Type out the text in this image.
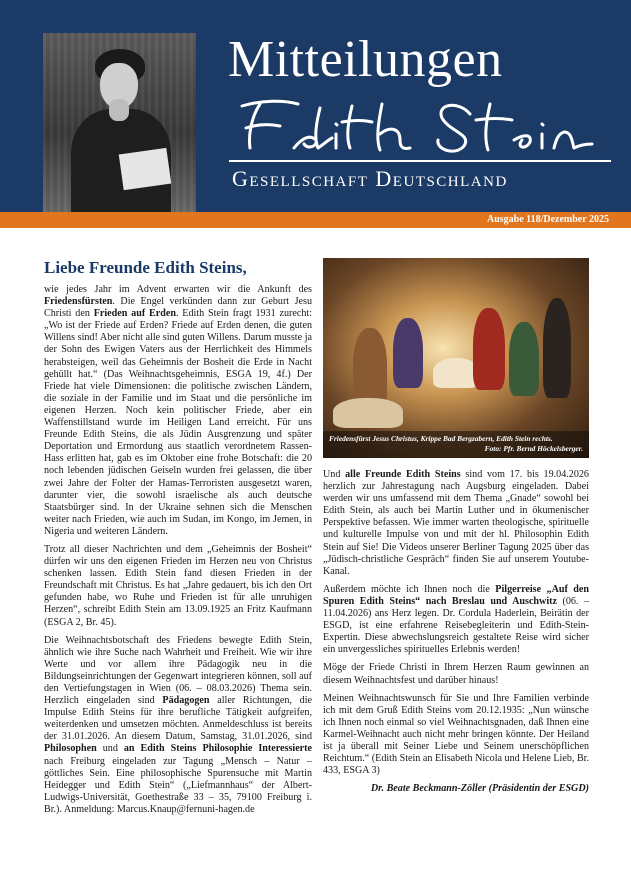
Mitteilungen
Gesellschaft Deutschland
Ausgabe 118/Dezember 2025
Liebe Freunde Edith Steins,

wie jedes Jahr im Advent erwarten wir die Ankunft des Friedensfürsten. Die Engel verkünden dann zur Geburt Jesu Christi den Frieden auf Erden. Edith Stein fragt 1931 zurecht: „Wo ist der Friede auf Erden? Friede auf Erden denen, die guten Willens sind! Aber nicht alle sind guten Willens. Darum musste ja der Sohn des Ewigen Vaters aus der Herrlichkeit des Himmels herabsteigen, weil das Geheimnis der Bosheit die Erde in Nacht gehüllt hat.“ (Das Weihnachtsgeheimnis, ESGA 19, 4f.) Der Friede hat viele Dimensionen: die politische zwischen Ländern, die soziale in der Familie und im Staat und die persönliche im eigenen Herzen. Noch kein politischer Friede, aber ein Waffenstillstand wurde im Heiligen Land erreicht. Für uns Freunde Edith Steins, die als Jüdin Ausgrenzung und später Deportation und Ermordung aus staatlich verordnetem Rassen-Hass erlitten hat, gab es im Oktober eine frohe Botschaft: die 20 noch lebenden jüdischen Geiseln wurden frei gelassen, die über zwei Jahre der Folter der Hamas-Terroristen ausgesetzt waren, darunter vier, die sowohl israelische als auch deutsche Staatsbürger sind. In der Ukraine sehnen sich die Menschen weiter nach Frieden, wie auch im Sudan, im Kongo, im Jemen, in Nigeria und weiteren Ländern.

Trotz all dieser Nachrichten und dem „Geheimnis der Bosheit“ dürfen wir uns den eigenen Frieden im Herzen neu von Christus schenken lassen. Edith Stein fand diesen Frieden in der Freundschaft mit Christus. Es hat „Jahre gedauert, bis ich den Ort gefunden habe, wo Ruhe und Frieden ist für alle unruhigen Herzen“, schreibt Edith Stein am 13.09.1925 an Fritz Kaufmann (ESGA 2, Br. 45).

Die Weihnachtsbotschaft des Friedens bewegte Edith Stein, ähnlich wie ihre Suche nach Wahrheit und Freiheit. Wie wir ihre Werte und vor allem ihre Pädagogik neu in die Bildungseinrichtungen der Gegenwart integrieren können, soll auf den Vertiefungstagen in Wien (06. – 08.03.2026) Thema sein. Herzlich eingeladen sind Pädagogen aller Richtungen, die Impulse Edith Steins für ihre berufliche Tätigkeit aufgreifen, weiterdenken und umsetzen möchten. Anmeldeschluss ist bereits der 31.01.2026. An diesem Datum, Samstag, 31.01.2026, sind Philosophen und an Edith Steins Philosophie Interessierte nach Freiburg eingeladen zur Tagung „Mensch – Natur – göttliches Sein. Eine philosophische Spurensuche mit Martin Heidegger und Edith Stein“ („Liefmannhaus“ der Albert-Ludwigs-Universität, Goethestraße 33 – 35, 79100 Freiburg i. Br.). Anmeldung: Marcus.Knaup@fernuni-hagen.de

Friedensfürst Jesus Christus, Krippe Bad Bergzabern, Edith Stein rechts.
Foto: Pfr. Bernd Höckelsberger.

Und alle Freunde Edith Steins sind vom 17. bis 19.04.2026 herzlich zur Jahrestagung nach Augsburg eingeladen. Dabei werden wir uns umfassend mit dem Thema „Gnade“ sowohl bei Edith Stein, als auch bei Martin Luther und in ökumenischer Perspektive befassen. Wie immer warten theologische, spirituelle und kulturelle Impulse von und mit der hl. Philosophin Edith Stein auf Sie! Die Videos unserer Berliner Tagung 2025 über das „Jüdisch-christliche Gespräch“ finden Sie auf unserem Youtube-Kanal.

Außerdem möchte ich Ihnen noch die Pilgerreise „Auf den Spuren Edith Steins“ nach Breslau und Auschwitz (06. – 11.04.2026) ans Herz legen. Dr. Cordula Haderlein, Beirätin der ESGD, ist eine erfahrene Reisebegleiterin und Edith-Stein-Expertin. Diese abwechslungsreich gestaltete Reise wird sicher ein unvergessliches spirituelles Erlebnis werden!

Möge der Friede Christi in Ihrem Herzen Raum gewinnen an diesem Weihnachtsfest und darüber hinaus!

Meinen Weihnachtswunsch für Sie und Ihre Familien verbinde ich mit dem Gruß Edith Steins vom 20.12.1935: „Nun wünsche ich Ihnen noch einmal so viel Weihnachtsgnaden, daß Ihnen eine Karmel-Weihnacht auch nicht mehr bringen könnte. Der Heiland ist ja überall mit Seiner Liebe und Seinem unerschöpflichen Reichtum.“ (Edith Stein an Elisabeth Nicola und Helene Lieb, Br. 433, ESGA 3)

Dr. Beate Beckmann-Zöller (Präsidentin der ESGD)
